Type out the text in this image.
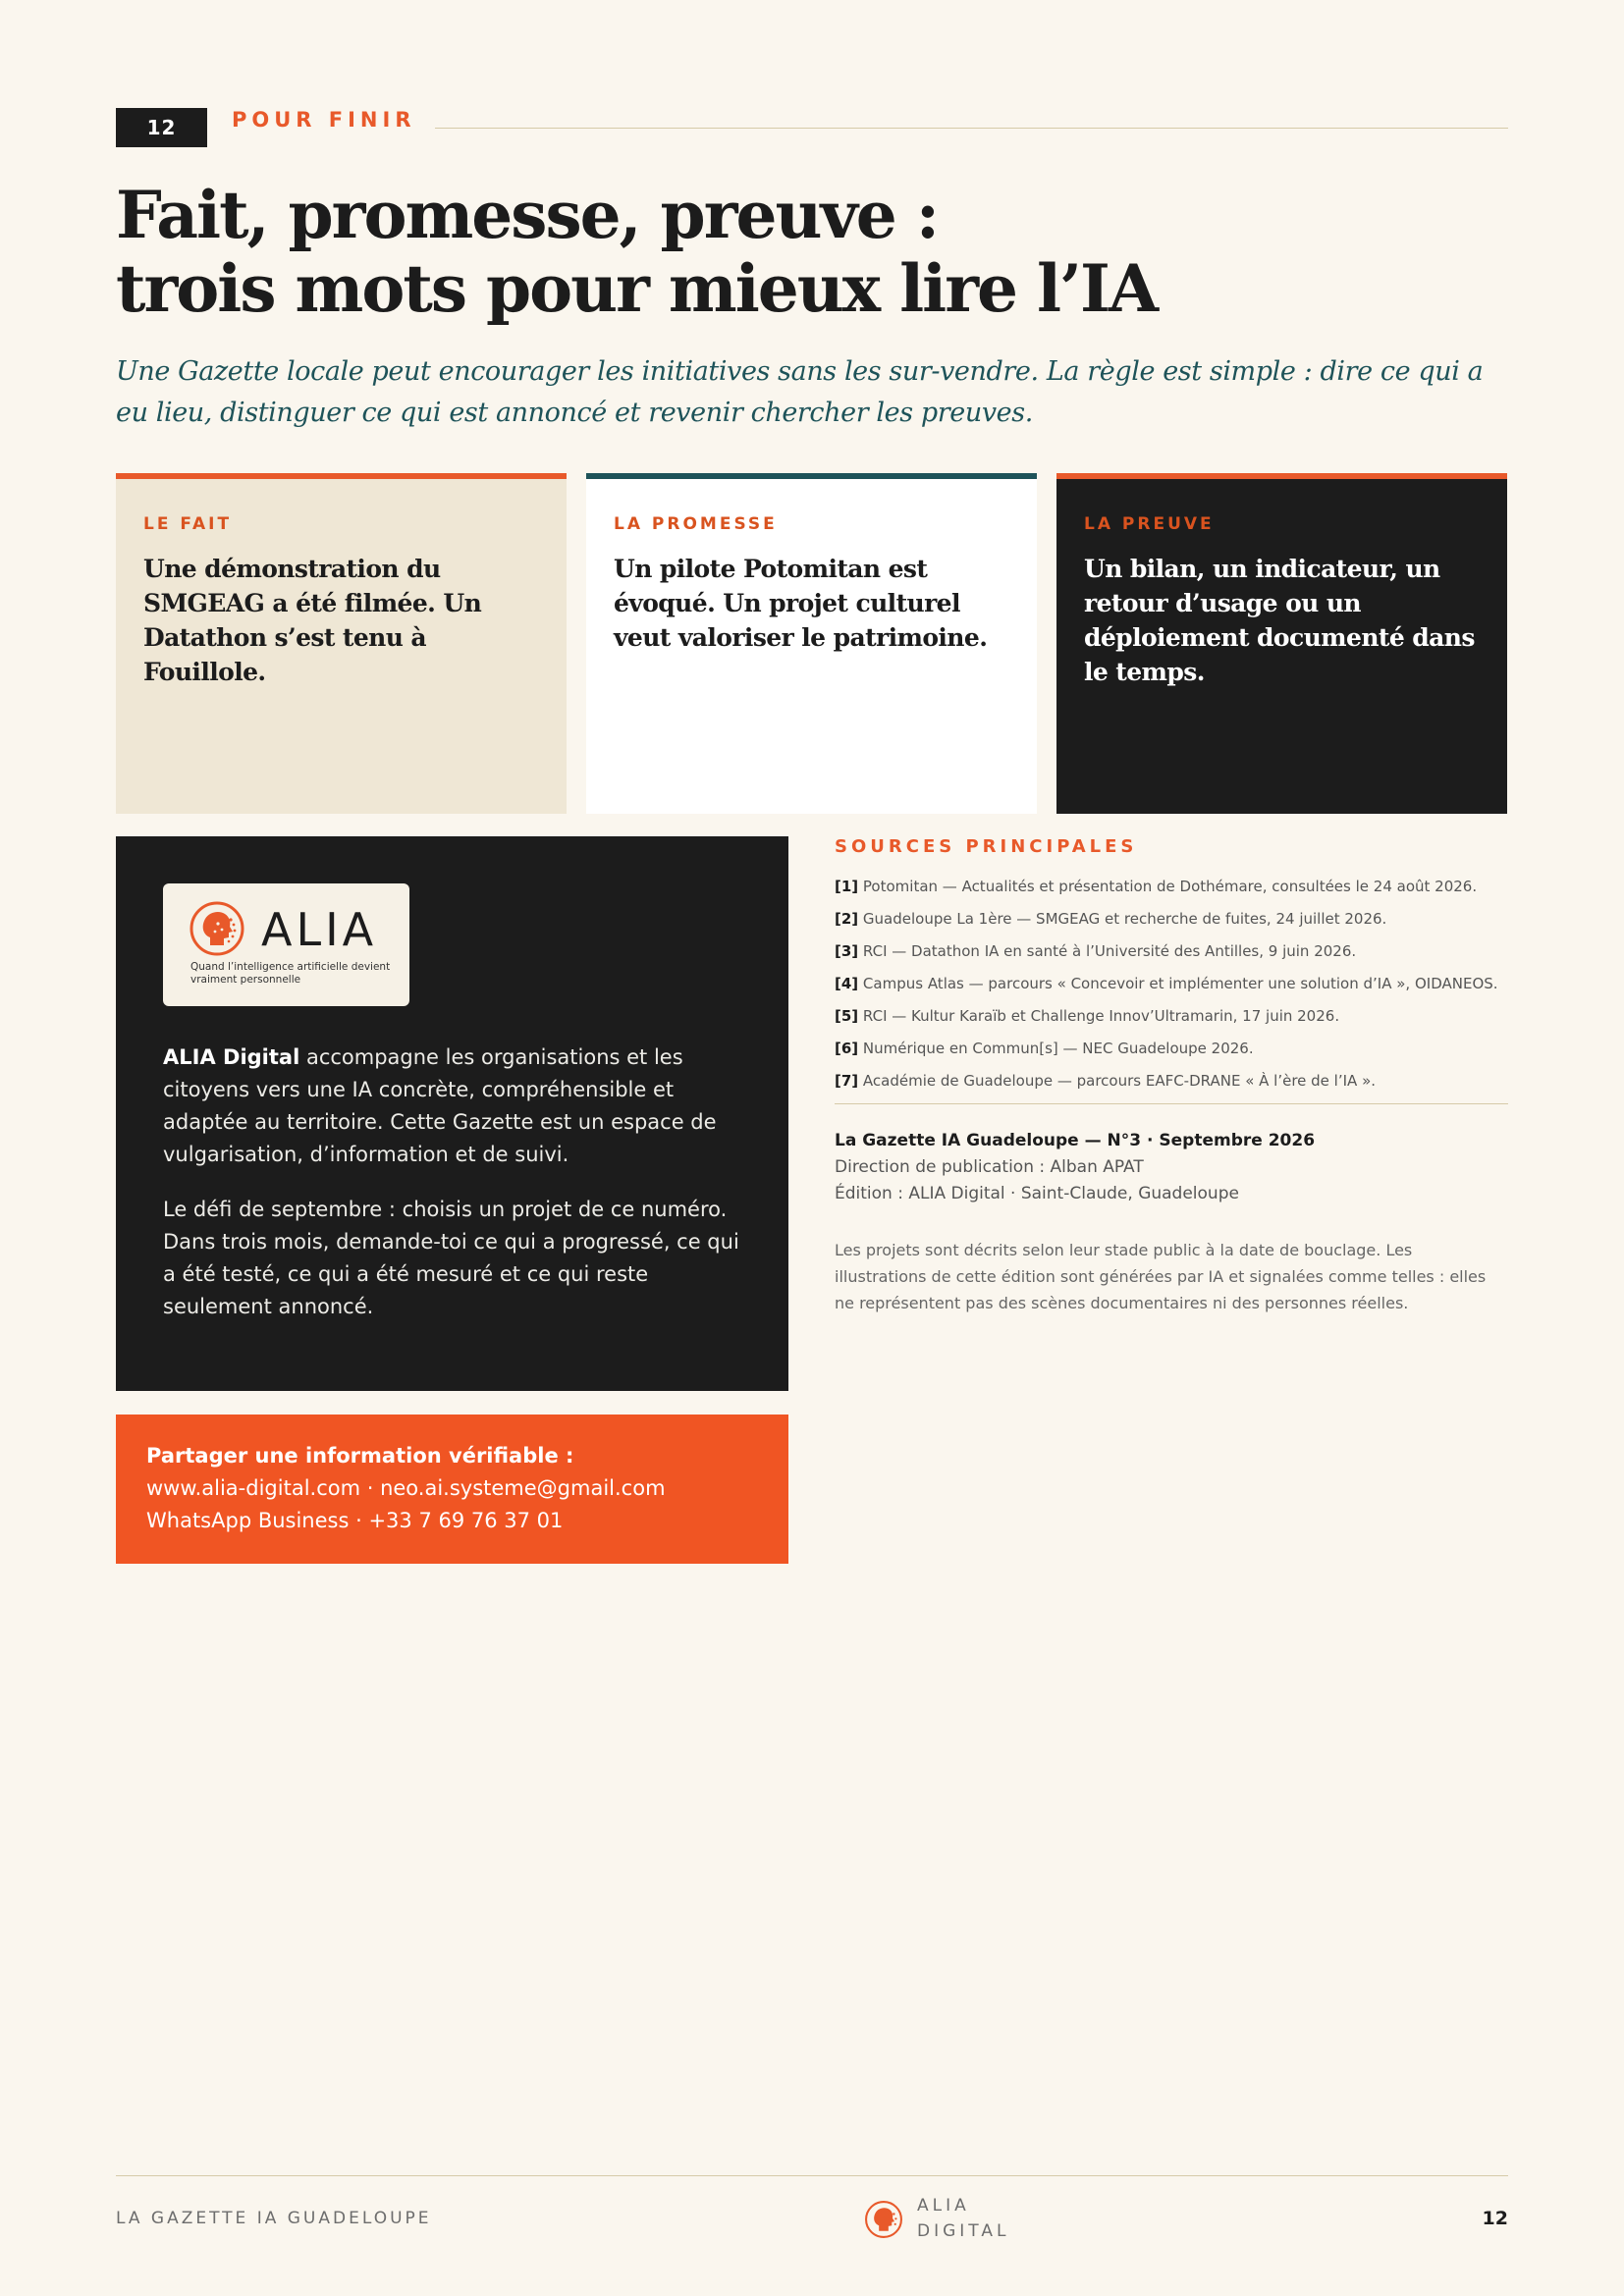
12	POUR FINIR
Fait, promesse, preuve :
trois mots pour mieux lire l’IA

Une Gazette locale peut encourager les initiatives sans les sur-vendre. La règle est simple : dire ce qui a eu lieu, distinguer ce qui est annoncé et revenir chercher les preuves.

LE FAIT
Une démonstration du SMGEAG a été filmée. Un Datathon s’est tenu à Fouillole.
LA PROMESSE
Un pilote Potomitan est évoqué. Un projet culturel veut valoriser le patrimoine.
LA PREUVE
Un bilan, un indicateur, un retour d’usage ou un déploiement documenté dans le temps.
ALIA
Quand l’intelligence artificielle devient vraiment personnelle

ALIA Digital accompagne les organisations et les citoyens vers une IA concrète, compréhensible et adaptée au territoire. Cette Gazette est un espace de vulgarisation, d’information et de suivi.

Le défi de septembre : choisis un projet de ce numéro. Dans trois mois, demande-toi ce qui a progressé, ce qui a été testé, ce qui a été mesuré et ce qui reste seulement annoncé.

Partager une information vérifiable :
www.alia-digital.com · neo.ai.systeme@gmail.com
WhatsApp Business · +33 7 69 76 37 01
SOURCES PRINCIPALES
[1] Potomitan — Actualités et présentation de Dothémare, consultées le 24 août 2026.
[2] Guadeloupe La 1ère — SMGEAG et recherche de fuites, 24 juillet 2026.
[3] RCI — Datathon IA en santé à l’Université des Antilles, 9 juin 2026.
[4] Campus Atlas — parcours « Concevoir et implémenter une solution d’IA », OIDANEOS.
[5] RCI — Kultur Karaïb et Challenge Innov’Ultramarin, 17 juin 2026.
[6] Numérique en Commun[s] — NEC Guadeloupe 2026.
[7] Académie de Guadeloupe — parcours EAFC-DRANE « À l’ère de l’IA ».
La Gazette IA Guadeloupe — N°3 · Septembre 2026
Direction de publication : Alban APAT
Édition : ALIA Digital · Saint-Claude, Guadeloupe
Les projets sont décrits selon leur stade public à la date de bouclage. Les illustrations de cette édition sont générées par IA et signalées comme telles : elles ne représentent pas des scènes documentaires ni des personnes réelles.
LA GAZETTE IA GUADELOUPE
ALIA
DIGITAL
12
